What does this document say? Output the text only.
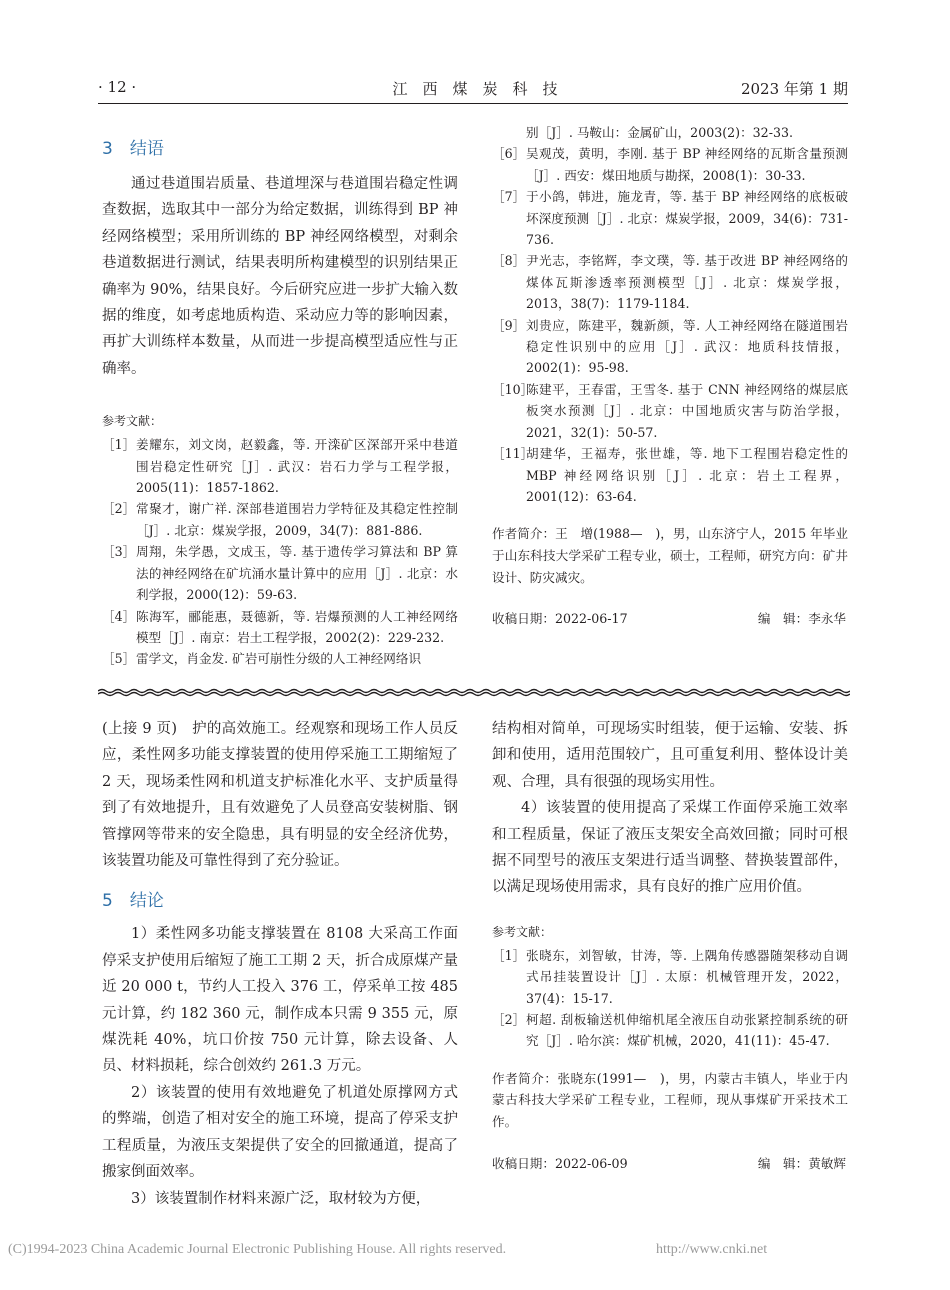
· 12 ·	江　西　煤　炭　科　技	2023 年第 1 期
3　结语

通过巷道围岩质量、巷道埋深与巷道围岩稳定性调查数据，选取其中一部分为给定数据，训练得到 BP 神经网络模型；采用所训练的 BP 神经网络模型，对剩余巷道数据进行测试，结果表明所构建模型的识别结果正确率为 90%，结果良好。今后研究应进一步扩大输入数据的维度，如考虑地质构造、采动应力等的影响因素，再扩大训练样本数量，从而进一步提高模型适应性与正确率。

参考文献：
［1］ 姜耀东，刘文岗，赵毅鑫，等. 开滦矿区深部开采中巷道围岩稳定性研究［J］. 武汉：岩石力学与工程学报，2005(11)：1857-1862.
［2］ 常聚才，谢广祥. 深部巷道围岩力学特征及其稳定性控制［J］. 北京：煤炭学报，2009，34(7)：881-886.
［3］ 周翔，朱学愚，文成玉，等. 基于遗传学习算法和 BP 算法的神经网络在矿坑涌水量计算中的应用［J］. 北京：水利学报，2000(12)：59-63.
［4］ 陈海军，郦能惠，聂德新，等. 岩爆预测的人工神经网络模型［J］. 南京：岩土工程学报，2002(2)：229-232.
［5］ 雷学文，肖金发. 矿岩可崩性分级的人工神经网络识
别［J］. 马鞍山：金属矿山，2003(2)：32-33.
［6］ 吴观茂，黄明，李刚. 基于 BP 神经网络的瓦斯含量预测［J］. 西安：煤田地质与勘探，2008(1)：30-33.
［7］ 于小鸽，韩进，施龙青，等. 基于 BP 神经网络的底板破坏深度预测［J］. 北京：煤炭学报，2009，34(6)：731-736.
［8］ 尹光志，李铭辉，李文璞，等. 基于改进 BP 神经网络的煤体瓦斯渗透率预测模型［J］. 北京：煤炭学报，2013，38(7)：1179-1184.
［9］ 刘贵应，陈建平，魏新颜，等. 人工神经网络在隧道围岩稳定性识别中的应用［J］. 武汉：地质科技情报，2002(1)：95-98.
［10］
陈建平，王春雷，王雪冬. 基于 CNN 神经网络的煤层底板突水预测［J］. 北京：中国地质灾害与防治学报，2021，32(1)：50-57.
［11］
胡建华，王福寿，张世雄，等. 地下工程围岩稳定性的 MBP 神经网络识别［J］. 北京：岩土工程界，2001(12)：63-64.
作者简介：王　增(1988—　)，男，山东济宁人，2015 年毕业于山东科技大学采矿工程专业，硕士，工程师，研究方向：矿井设计、防灾减灾。
收稿日期：2022-06-17	编　辑：李永华

(上接 9 页)　护的高效施工。经观察和现场工作人员反应，柔性网多功能支撑装置的使用停采施工工期缩短了 2 天，现场柔性网和机道支护标准化水平、支护质量得到了有效地提升，且有效避免了人员登高安装树脂、钢管撑网等带来的安全隐患，具有明显的安全经济优势，该装置功能及可靠性得到了充分验证。

5　结论

1）柔性网多功能支撑装置在 8108 大采高工作面停采支护使用后缩短了施工工期 2 天，折合成原煤产量近 20 000 t，节约人工投入 376 工，停采单工按 485 元计算，约 182 360 元，制作成本只需 9 355 元，原煤洗耗 40%，坑口价按 750 元计算，除去设备、人员、材料损耗，综合创效约 261.3 万元。

2）该装置的使用有效地避免了机道处原撑网方式的弊端，创造了相对安全的施工环境，提高了停采支护工程质量，为液压支架提供了安全的回撤通道，提高了搬家倒面效率。

3）该装置制作材料来源广泛，取材较为方便，

结构相对简单，可现场实时组装，便于运输、安装、拆卸和使用，适用范围较广，且可重复利用、整体设计美观、合理，具有很强的现场实用性。

4）该装置的使用提高了采煤工作面停采施工效率和工程质量，保证了液压支架安全高效回撤；同时可根据不同型号的液压支架进行适当调整、替换装置部件，以满足现场使用需求，具有良好的推广应用价值。

参考文献：
［1］ 张晓东，刘智敏，甘涛，等. 上隅角传感器随架移动自调式吊挂装置设计［J］. 太原：机械管理开发，2022，37(4)：15-17.
［2］ 柯超. 刮板输送机伸缩机尾全液压自动张紧控制系统的研究［J］. 哈尔滨：煤矿机械，2020，41(11)：45-47.
作者简介：张晓东(1991—　)，男，内蒙古丰镇人，毕业于内蒙古科技大学采矿工程专业，工程师，现从事煤矿开采技术工作。
收稿日期：2022-06-09	编　辑：黄敏辉
(C)1994-2023 China Academic Journal Electronic Publishing House. All rights reserved.	http://www.cnki.net
